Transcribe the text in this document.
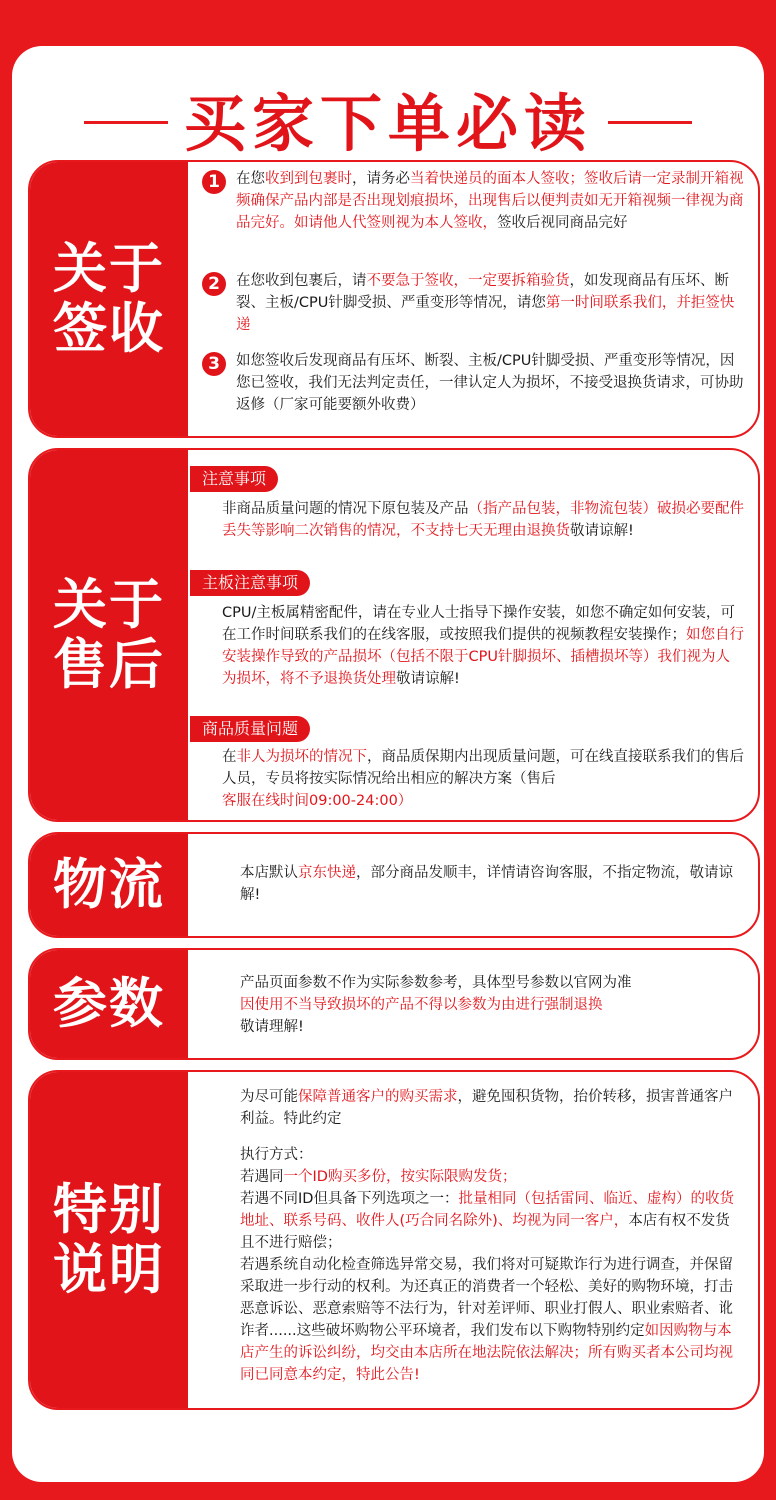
买家下单必读
关于
签收
1	在您收到到包裹时，请务必当着快递员的面本人签收；签收后请一定录制开箱视频确保产品内部是否出现划痕损坏，出现售后以便判责如无开箱视频一律视为商品完好。如请他人代签则视为本人签收，签收后视同商品完好
2	在您收到包裹后，请不要急于签收，一定要拆箱验货，如发现商品有压坏、断裂、主板/CPU针脚受损、严重变形等情况，请您第一时间联系我们，并拒签快递
3	如您签收后发现商品有压坏、断裂、主板/CPU针脚受损、严重变形等情况，因您已签收，我们无法判定责任，一律认定人为损坏，不接受退换货请求，可协助返修（厂家可能要额外收费）
关于
售后
注意事项
非商品质量问题的情况下原包装及产品（指产品包装，非物流包装）破损必要配件丢失等影响二次销售的情况，不支持七天无理由退换货敬请谅解!
主板注意事项
CPU/主板属精密配件，请在专业人士指导下操作安装，如您不确定如何安装，可在工作时间联系我们的在线客服，或按照我们提供的视频教程安装操作；如您自行安装操作导致的产品损坏（包括不限于CPU针脚损坏、插槽损坏等）我们视为人为损坏，将不予退换货处理敬请谅解!
商品质量问题
在非人为损坏的情况下，商品质保期内出现质量问题，可在线直接联系我们的售后人员，专员将按实际情况给出相应的解决方案（售后客服在线时间09:00-24:00）
物流	本店默认京东快递，部分商品发顺丰，详情请咨询客服，不指定物流，敬请谅解!
参数	产品页面参数不作为实际参数参考，具体型号参数以官网为准
因使用不当导致损坏的产品不得以参数为由进行强制退换
敬请理解!
特别
说明
为尽可能保障普通客户的购买需求，避免囤积货物，抬价转移，损害普通客户利益。特此约定
执行方式：
若遇同一个ID购买多份，按实际限购发货；
若遇不同ID但具备下列选项之一：批量相同（包括雷同、临近、虚构）的收货地址、联系号码、收件人(巧合同名除外)、均视为同一客户，本店有权不发货且不进行赔偿；
若遇系统自动化检查筛选异常交易，我们将对可疑欺诈行为进行调查，并保留采取进一步行动的权利。为还真正的消费者一个轻松、美好的购物环境，打击恶意诉讼、恶意索赔等不法行为，针对差评师、职业打假人、职业索赔者、讹诈者......这些破坏购物公平环境者，我们发布以下购物特别约定如因购物与本店产生的诉讼纠纷，均交由本店所在地法院依法解决；所有购买者本公司均视同已同意本约定，特此公告!
